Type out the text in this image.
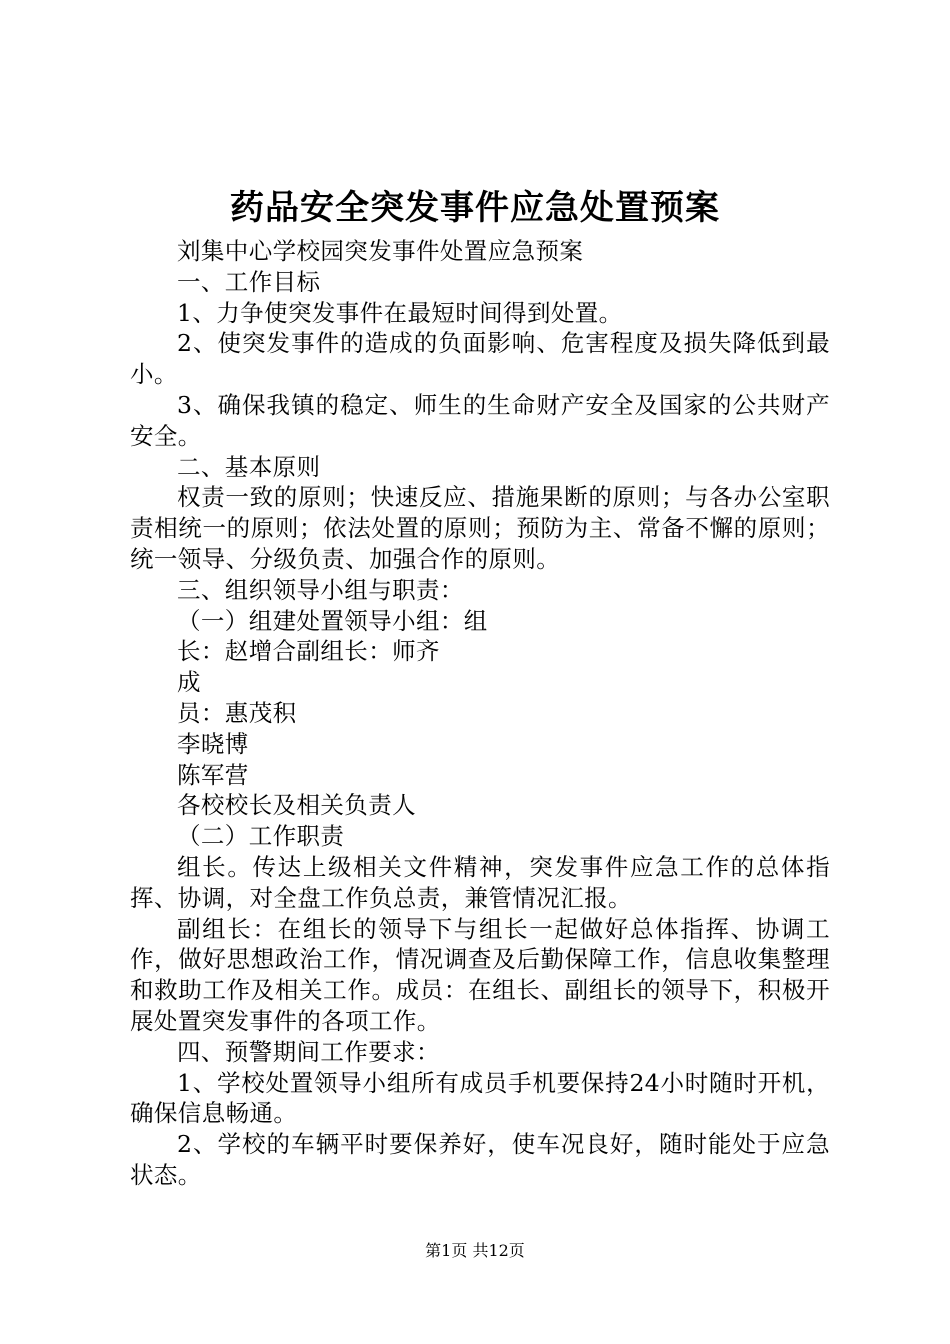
药品安全突发事件应急处置预案

刘集中心学校园突发事件处置应急预案

一、工作目标

1、力争使突发事件在最短时间得到处置。

2、使突发事件的造成的负面影响、危害程度及损失降低到最小。

3、确保我镇的稳定、师生的生命财产安全及国家的公共财产安全。

二、基本原则

权责一致的原则；快速反应、措施果断的原则；与各办公室职责相统一的原则；依法处置的原则；预防为主、常备不懈的原则；统一领导、分级负责、加强合作的原则。

三、组织领导小组与职责：

（一）组建处置领导小组：组

长：赵增合副组长：师齐

成

员：惠茂积

李晓博

陈军营

各校校长及相关负责人

（二）工作职责

组长。传达上级相关文件精神，突发事件应急工作的总体指挥、协调，对全盘工作负总责，兼管情况汇报。

副组长：在组长的领导下与组长一起做好总体指挥、协调工作，做好思想政治工作，情况调查及后勤保障工作，信息收集整理和救助工作及相关工作。成员：在组长、副组长的领导下，积极开展处置突发事件的各项工作。

四、预警期间工作要求：

1、学校处置领导小组所有成员手机要保持24小时随时开机，确保信息畅通。

2、学校的车辆平时要保养好，使车况良好，随时能处于应急状态。

第1页 共12页
